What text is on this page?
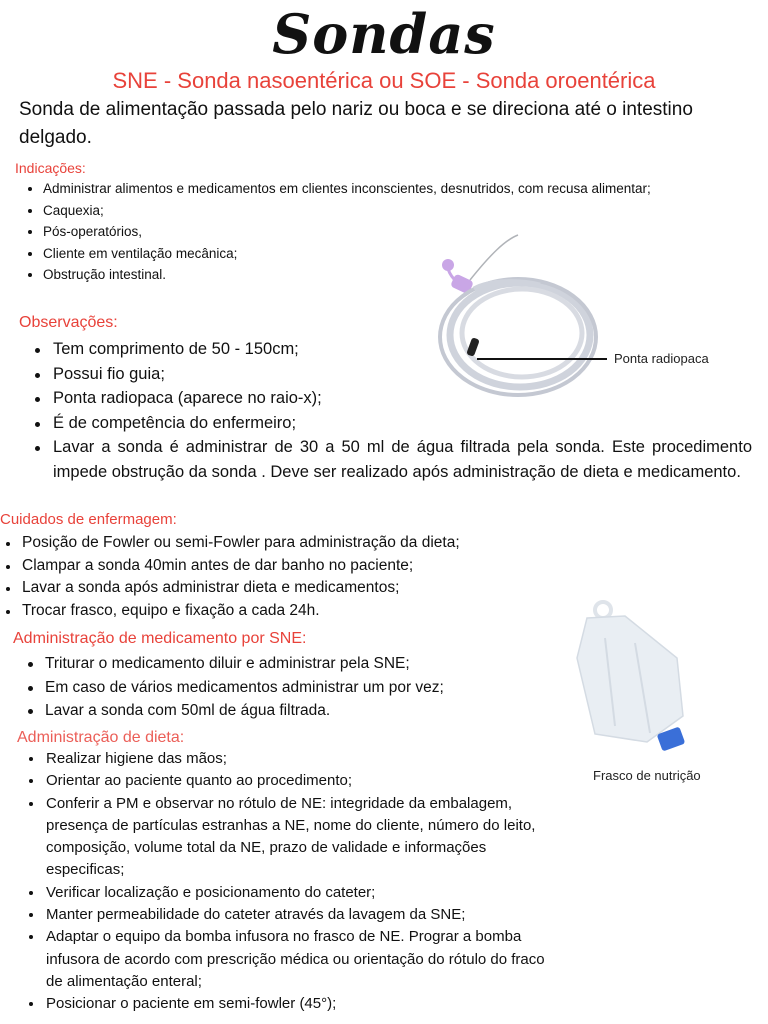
Sondas
SNE - Sonda nasoentérica ou SOE - Sonda oroentérica
Sonda de alimentação passada pelo nariz ou boca e se direciona até o intestino delgado.
Indicações:
Administrar alimentos e medicamentos em clientes inconscientes, desnutridos, com recusa alimentar;
Caquexia;
Pós-operatórios,
Cliente em ventilação mecânica;
Obstrução intestinal.
Ponta radiopaca
Observações:
Tem comprimento de 50 - 150cm;
Possui fio guia;
Ponta radiopaca (aparece no raio-x);
É de competência do enfermeiro;
Lavar a sonda é administrar de 30 a 50 ml de água filtrada pela sonda. Este procedimento impede obstrução da sonda . Deve ser realizado após administração de dieta e medicamento.
Cuidados de enfermagem:
Posição de Fowler ou semi-Fowler para administração da dieta;
Clampar a sonda 40min antes de dar banho no paciente;
Lavar a sonda após administrar dieta e medicamentos;
Trocar frasco, equipo e fixação a cada 24h.
Administração de medicamento por SNE:
Triturar o medicamento diluir e administrar pela SNE;
Em caso de vários medicamentos administrar um por vez;
Lavar a sonda com 50ml de água filtrada.
Frasco de nutrição
Administração de dieta:
Realizar higiene das mãos;
Orientar ao paciente quanto ao procedimento;
Conferir a PM e observar no rótulo de NE: integridade da embalagem, presença de partículas estranhas a NE, nome do cliente, número do leito, composição, volume total da NE, prazo de validade e informações especificas;
Verificar localização e posicionamento do cateter;
Manter permeabilidade do cateter através da lavagem da SNE;
Adaptar o equipo da bomba infusora no frasco de NE. Prograr a bomba infusora de acordo com prescrição médica ou orientação do rótulo do fraco de alimentação enteral;
Posicionar o paciente em semi-fowler (45°);
